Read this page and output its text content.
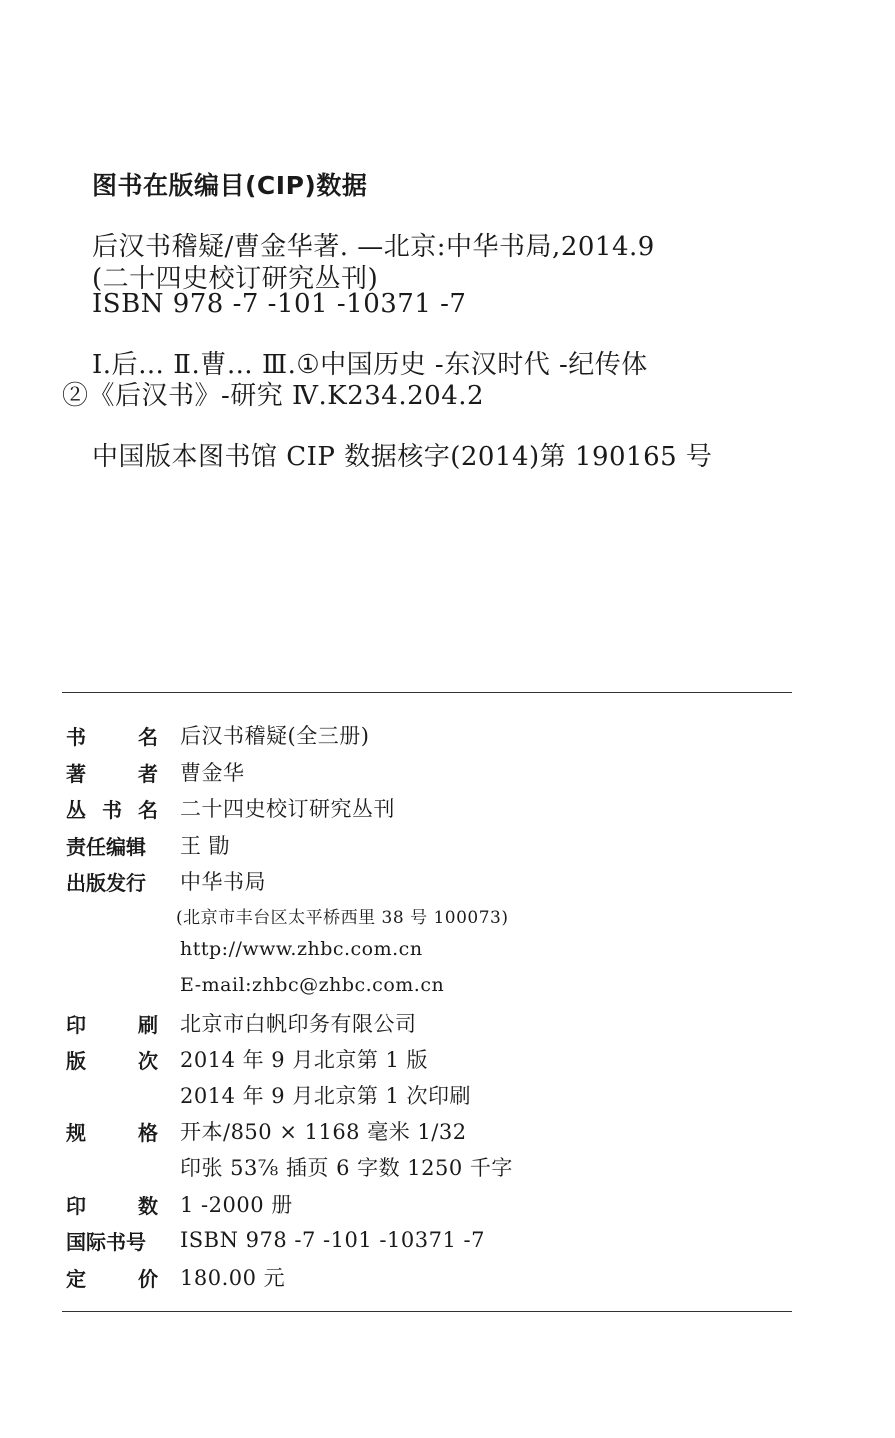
图书在版编目(CIP)数据
后汉书稽疑/曹金华著. —北京:中华书局,2014.9
(二十四史校订研究丛刊)
ISBN 978 -7 -101 -10371 -7
Ⅰ.后… Ⅱ.曹… Ⅲ.①中国历史 -东汉时代 -纪传体
②《后汉书》-研究 Ⅳ.K234.204.2
中国版本图书馆 CIP 数据核字(2014)第 190165 号
书	名 后汉书稽疑(全三册)
著	者 曹金华
丛 书 名 二十四史校订研究丛刊
责任编辑 王 勖
出版发行 中华书局
(北京市丰台区太平桥西里 38 号 100073)
http://www.zhbc.com.cn
E-mail:zhbc@zhbc.com.cn
印	刷 北京市白帆印务有限公司
版	次 2014 年 9 月北京第 1 版
2014 年 9 月北京第 1 次印刷
规	格 开本/850 × 1168 毫米 1/32
印张 53⅞ 插页 6 字数 1250 千字
印	数 1 -2000 册
国际书号 ISBN 978 -7 -101 -10371 -7
定	价 180.00 元
